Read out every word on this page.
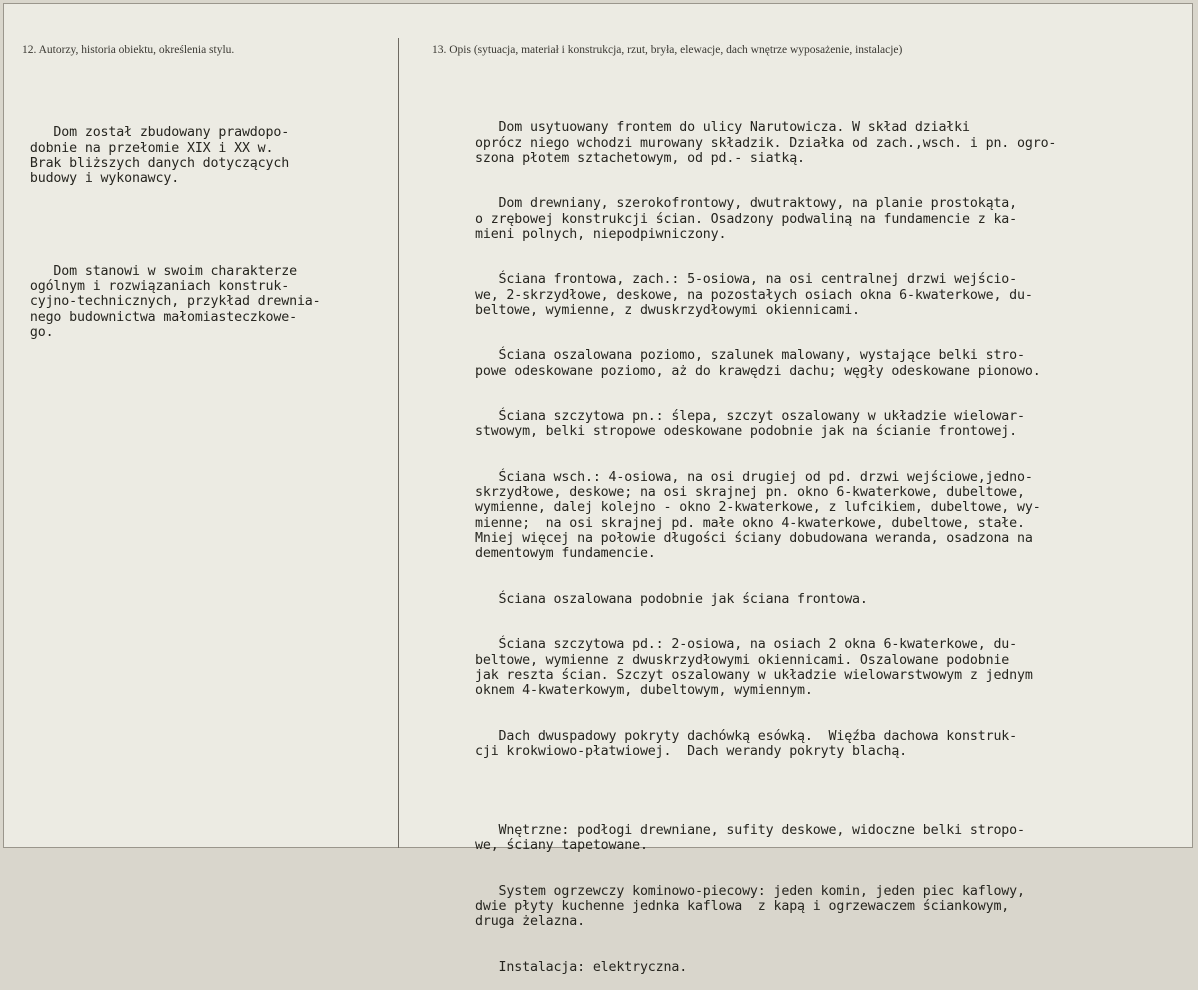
12. Autorzy, historia obiektu, określenia stylu.	13. Opis (sytuacja, materiał i konstrukcja, rzut, bryła, elewacje, dach wnętrze wyposażenie, instalacje)

Dom został zbudowany prawdopo-
dobnie na przełomie XIX i XX w.
Brak bliższych danych dotyczących
budowy i wykonawcy.

Dom stanowi w swoim charakterze
ogólnym i rozwiązaniach konstruk-
cyjno-technicznych, przykład drewnia-
nego budownictwa małomiasteczkowe-
go.

Dom usytuowany frontem do ulicy Narutowicza. W skład działki
oprócz niego wchodzi murowany składzik. Działka od zach.,wsch. i pn. ogro-
szona płotem sztachetowym, od pd.- siatką.

Dom drewniany, szerokofrontowy, dwutraktowy, na planie prostokąta,
o zrębowej konstrukcji ścian. Osadzony podwaliną na fundamencie z ka-
mieni polnych, niepodpiwniczony.

Ściana frontowa, zach.: 5-osiowa, na osi centralnej drzwi wejścio-
we, 2-skrzydłowe, deskowe, na pozostałych osiach okna 6-kwaterkowe, du-
beltowe, wymienne, z dwuskrzydłowymi okiennicami.

Ściana oszalowana poziomo, szalunek malowany, wystające belki stro-
powe odeskowane poziomo, aż do krawędzi dachu; węgły odeskowane pionowo.

Ściana szczytowa pn.: ślepa, szczyt oszalowany w układzie wielowar-
stwowym, belki stropowe odeskowane podobnie jak na ścianie frontowej.

Ściana wsch.: 4-osiowa, na osi drugiej od pd. drzwi wejściowe,jedno-
skrzydłowe, deskowe; na osi skrajnej pn. okno 6-kwaterkowe, dubeltowe,
wymienne, dalej kolejno - okno 2-kwaterkowe, z lufcikiem, dubeltowe, wy-
mienne;  na osi skrajnej pd. małe okno 4-kwaterkowe, dubeltowe, stałe.
Mniej więcej na połowie długości ściany dobudowana weranda, osadzona na
dementowym fundamencie.

Ściana oszalowana podobnie jak ściana frontowa.

Ściana szczytowa pd.: 2-osiowa, na osiach 2 okna 6-kwaterkowe, du-
beltowe, wymienne z dwuskrzydłowymi okiennicami. Oszalowane podobnie
jak reszta ścian. Szczyt oszalowany w układzie wielowarstwowym z jednym
oknem 4-kwaterkowym, dubeltowym, wymiennym.

Dach dwuspadowy pokryty dachówką esówką.  Więźba dachowa konstruk-
cji krokwiowo-płatwiowej.  Dach werandy pokryty blachą.

Wnętrzne: podłogi drewniane, sufity deskowe, widoczne belki stropo-
we, ściany tapetowane.

System ogrzewczy kominowo-piecowy: jeden komin, jeden piec kaflowy,
dwie płyty kuchenne jednka kaflowa  z kapą i ogrzewaczem ściankowym,
druga żelazna.

Instalacja: elektryczna.
